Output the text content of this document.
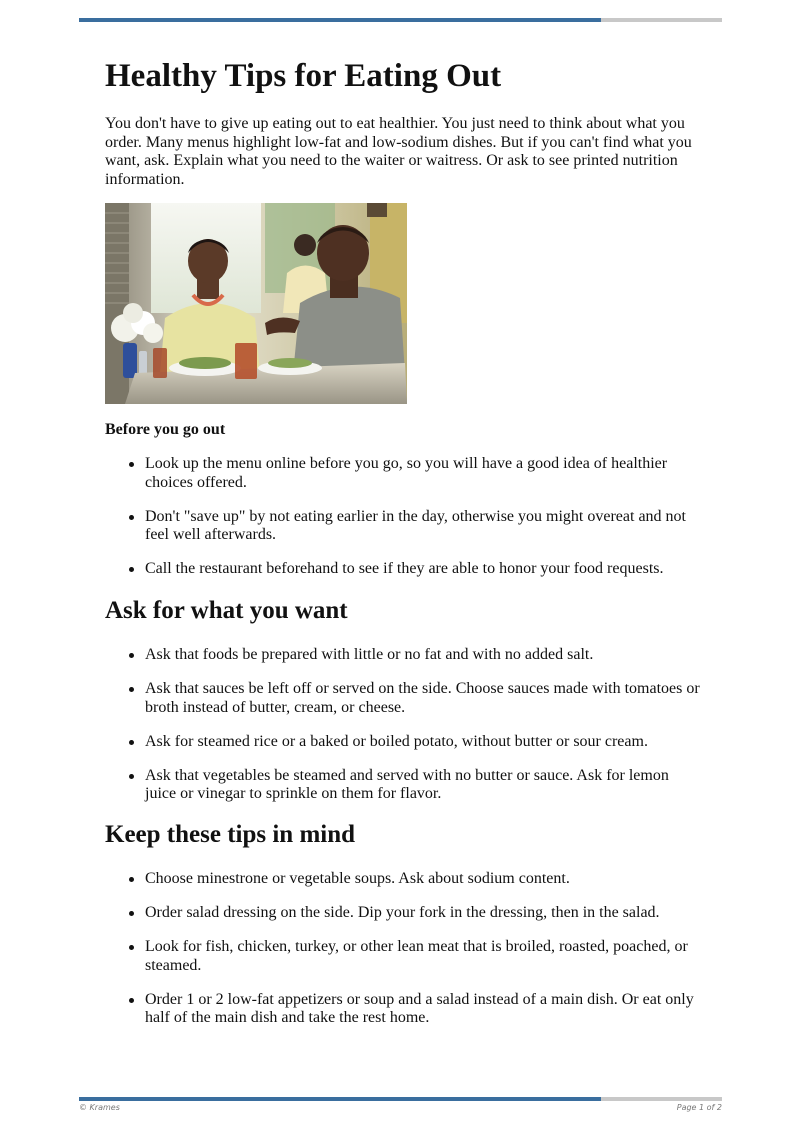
Healthy Tips for Eating Out

You don't have to give up eating out to eat healthier. You just need to think about what you order. Many menus highlight low-fat and low-sodium dishes. But if you can't find what you want, ask. Explain what you need to the waiter or waitress. Or ask to see printed nutrition information.

Before you go out
Look up the menu online before you go, so you will have a good idea of healthier choices offered.
Don't "save up" by not eating earlier in the day, otherwise you might overeat and not feel well afterwards.
Call the restaurant beforehand to see if they are able to honor your food requests.
Ask for what you want
Ask that foods be prepared with little or no fat and with no added salt.
Ask that sauces be left off or served on the side. Choose sauces made with tomatoes or broth instead of butter, cream, or cheese.
Ask for steamed rice or a baked or boiled potato, without butter or sour cream.
Ask that vegetables be steamed and served with no butter or sauce. Ask for lemon juice or vinegar to sprinkle on them for flavor.
Keep these tips in mind
Choose minestrone or vegetable soups. Ask about sodium content.
Order salad dressing on the side. Dip your fork in the dressing, then in the salad.
Look for fish, chicken, turkey, or other lean meat that is broiled, roasted, poached, or steamed.
Order 1 or 2 low-fat appetizers or soup and a salad instead of a main dish. Or eat only half of the main dish and take the rest home.
© Krames	Page 1 of 2
